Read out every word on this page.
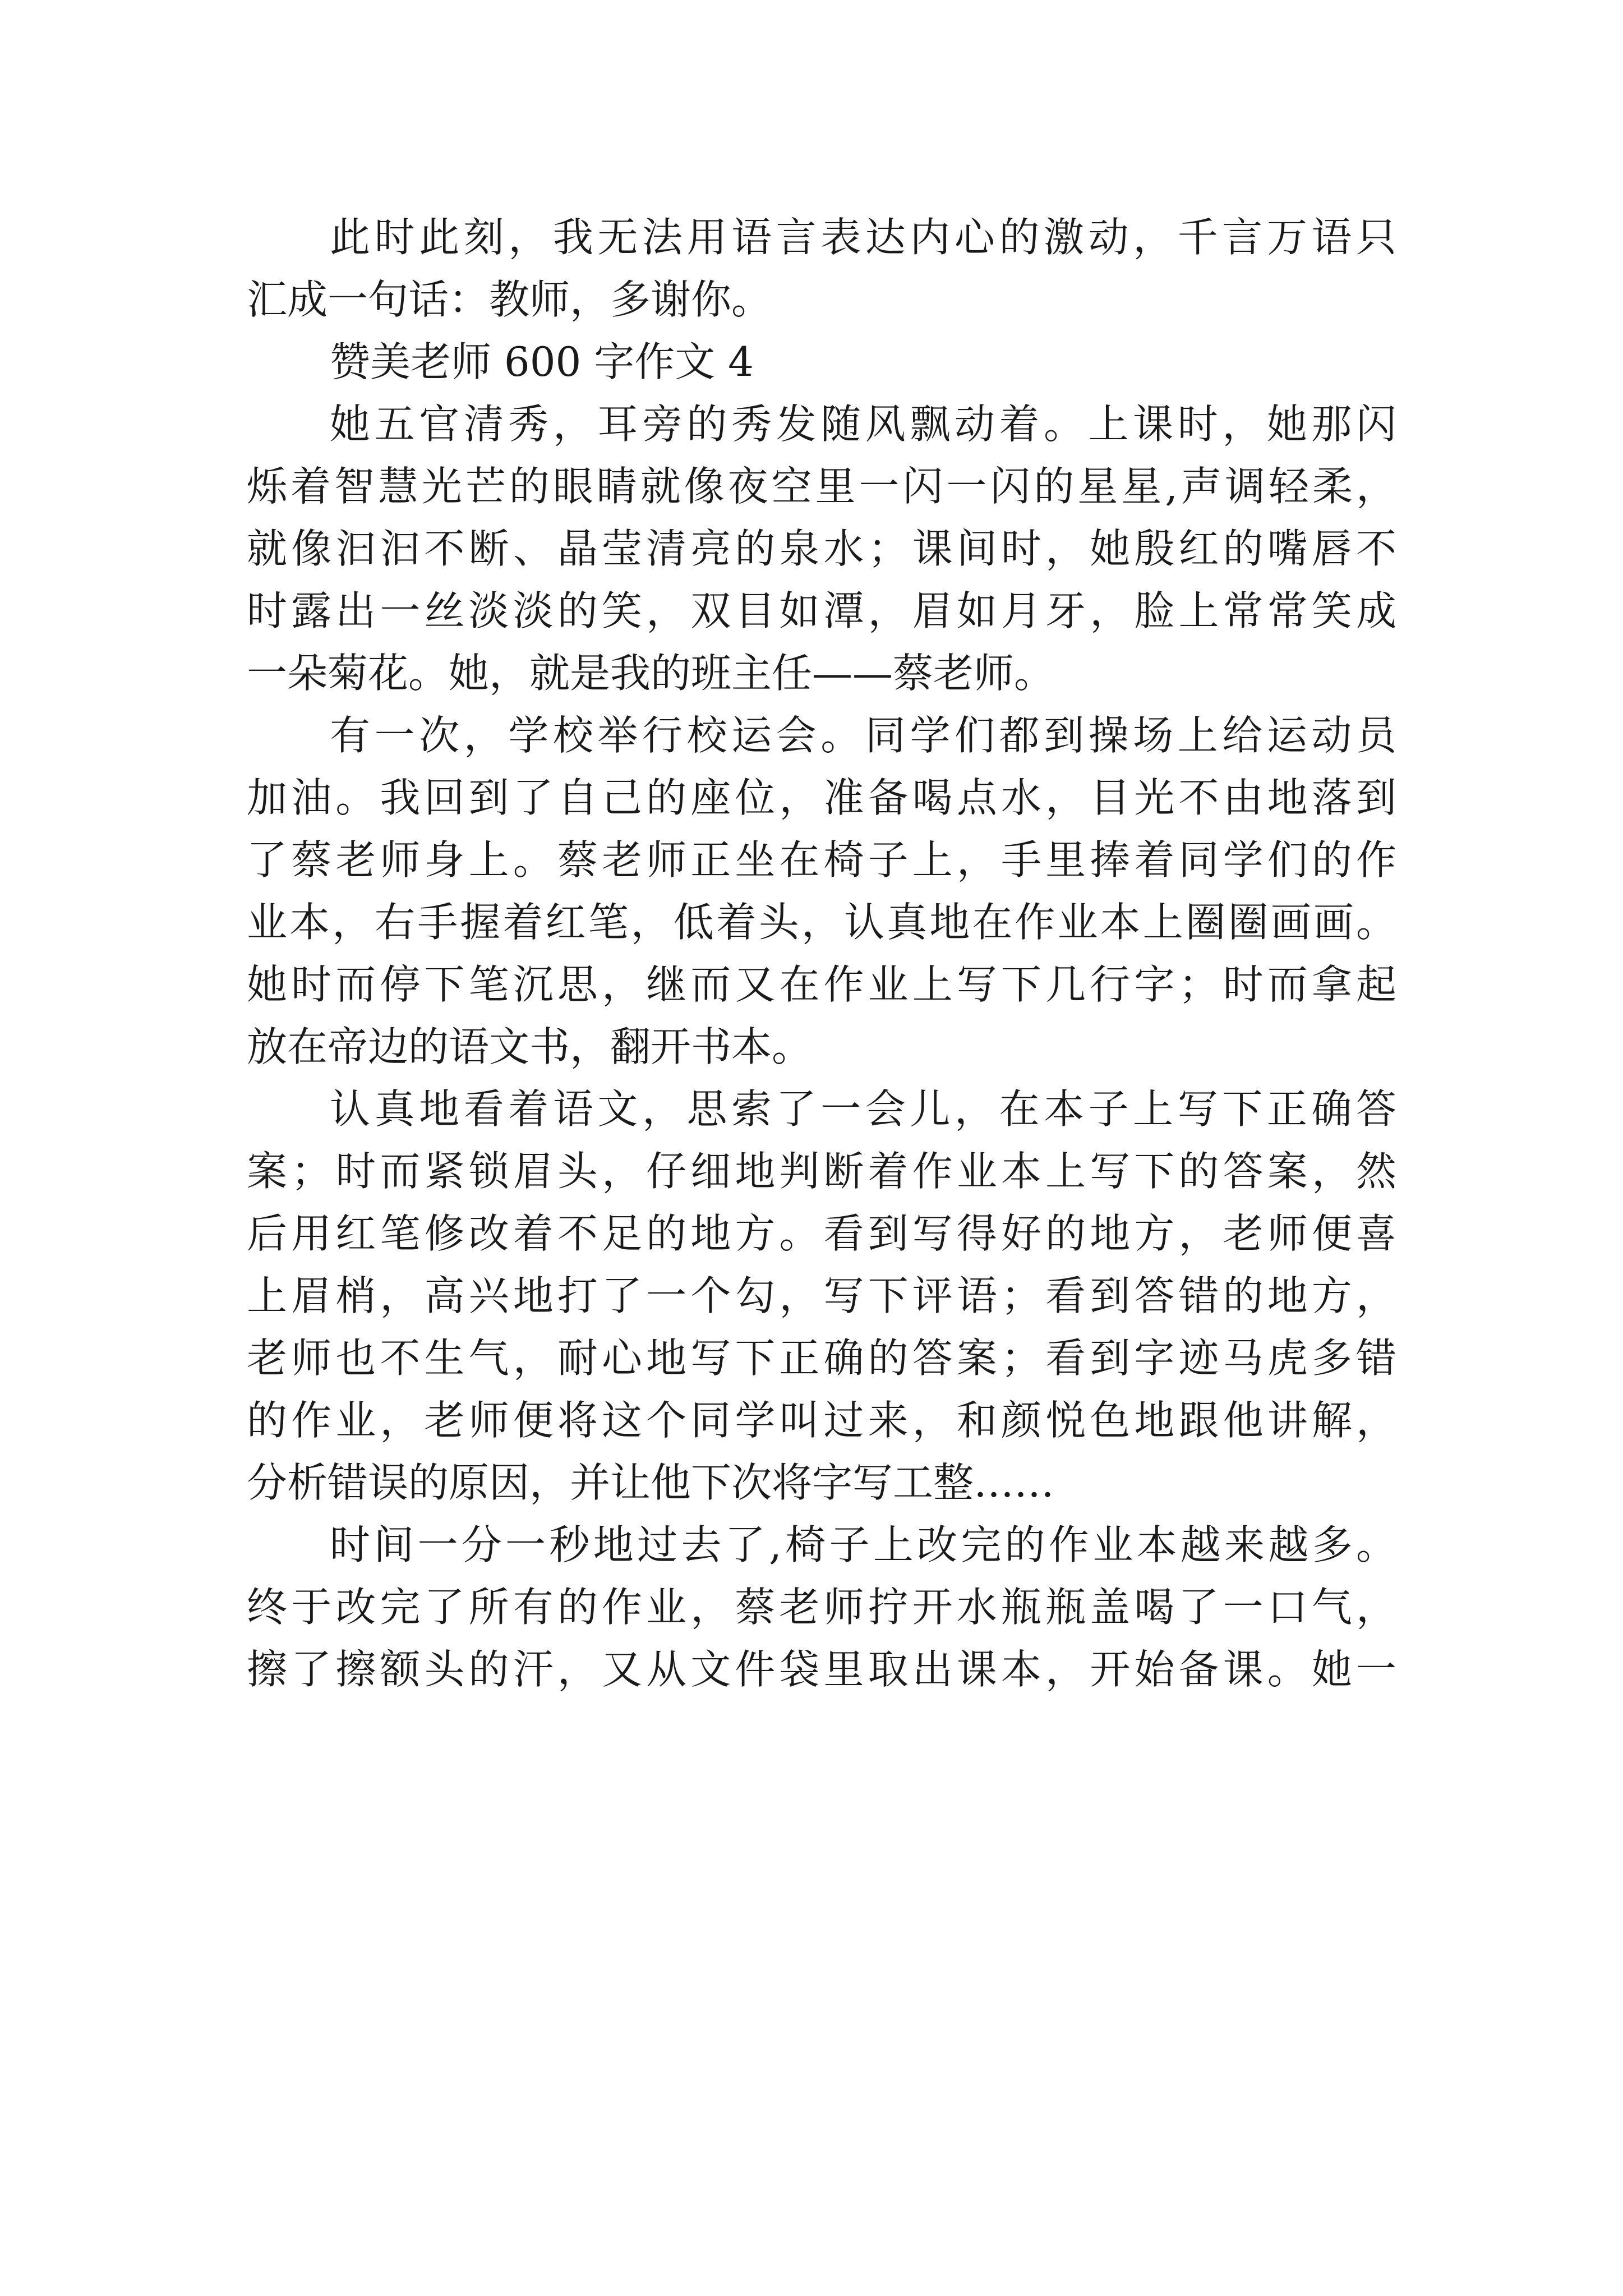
此时此刻，我无法用语言表达内心的激动，千言万语只
汇成一句话：教师，多谢你。
赞美老师 600 字作文 4
她五官清秀，耳旁的秀发随风飘动着。上课时，她那闪
烁着智慧光芒的眼睛就像夜空里一闪一闪的星星,声调轻柔，
就像汩汩不断、晶莹清亮的泉水；课间时，她殷红的嘴唇不
时露出一丝淡淡的笑，双目如潭，眉如月牙，脸上常常笑成
一朵菊花。她，就是我的班主任——蔡老师。
有一次，学校举行校运会。同学们都到操场上给运动员
加油。我回到了自己的座位，准备喝点水，目光不由地落到
了蔡老师身上。蔡老师正坐在椅子上，手里捧着同学们的作
业本，右手握着红笔，低着头，认真地在作业本上圈圈画画。
她时而停下笔沉思，继而又在作业上写下几行字；时而拿起
放在帝边的语文书，翻开书本。
认真地看着语文，思索了一会儿，在本子上写下正确答
案；时而紧锁眉头，仔细地判断着作业本上写下的答案，然
后用红笔修改着不足的地方。看到写得好的地方，老师便喜
上眉梢，高兴地打了一个勾，写下评语；看到答错的地方，
老师也不生气，耐心地写下正确的答案；看到字迹马虎多错
的作业，老师便将这个同学叫过来，和颜悦色地跟他讲解，
分析错误的原因，并让他下次将字写工整……
时间一分一秒地过去了,椅子上改完的作业本越来越多。
终于改完了所有的作业，蔡老师拧开水瓶瓶盖喝了一口气，
擦了擦额头的汗，又从文件袋里取出课本，开始备课。她一
